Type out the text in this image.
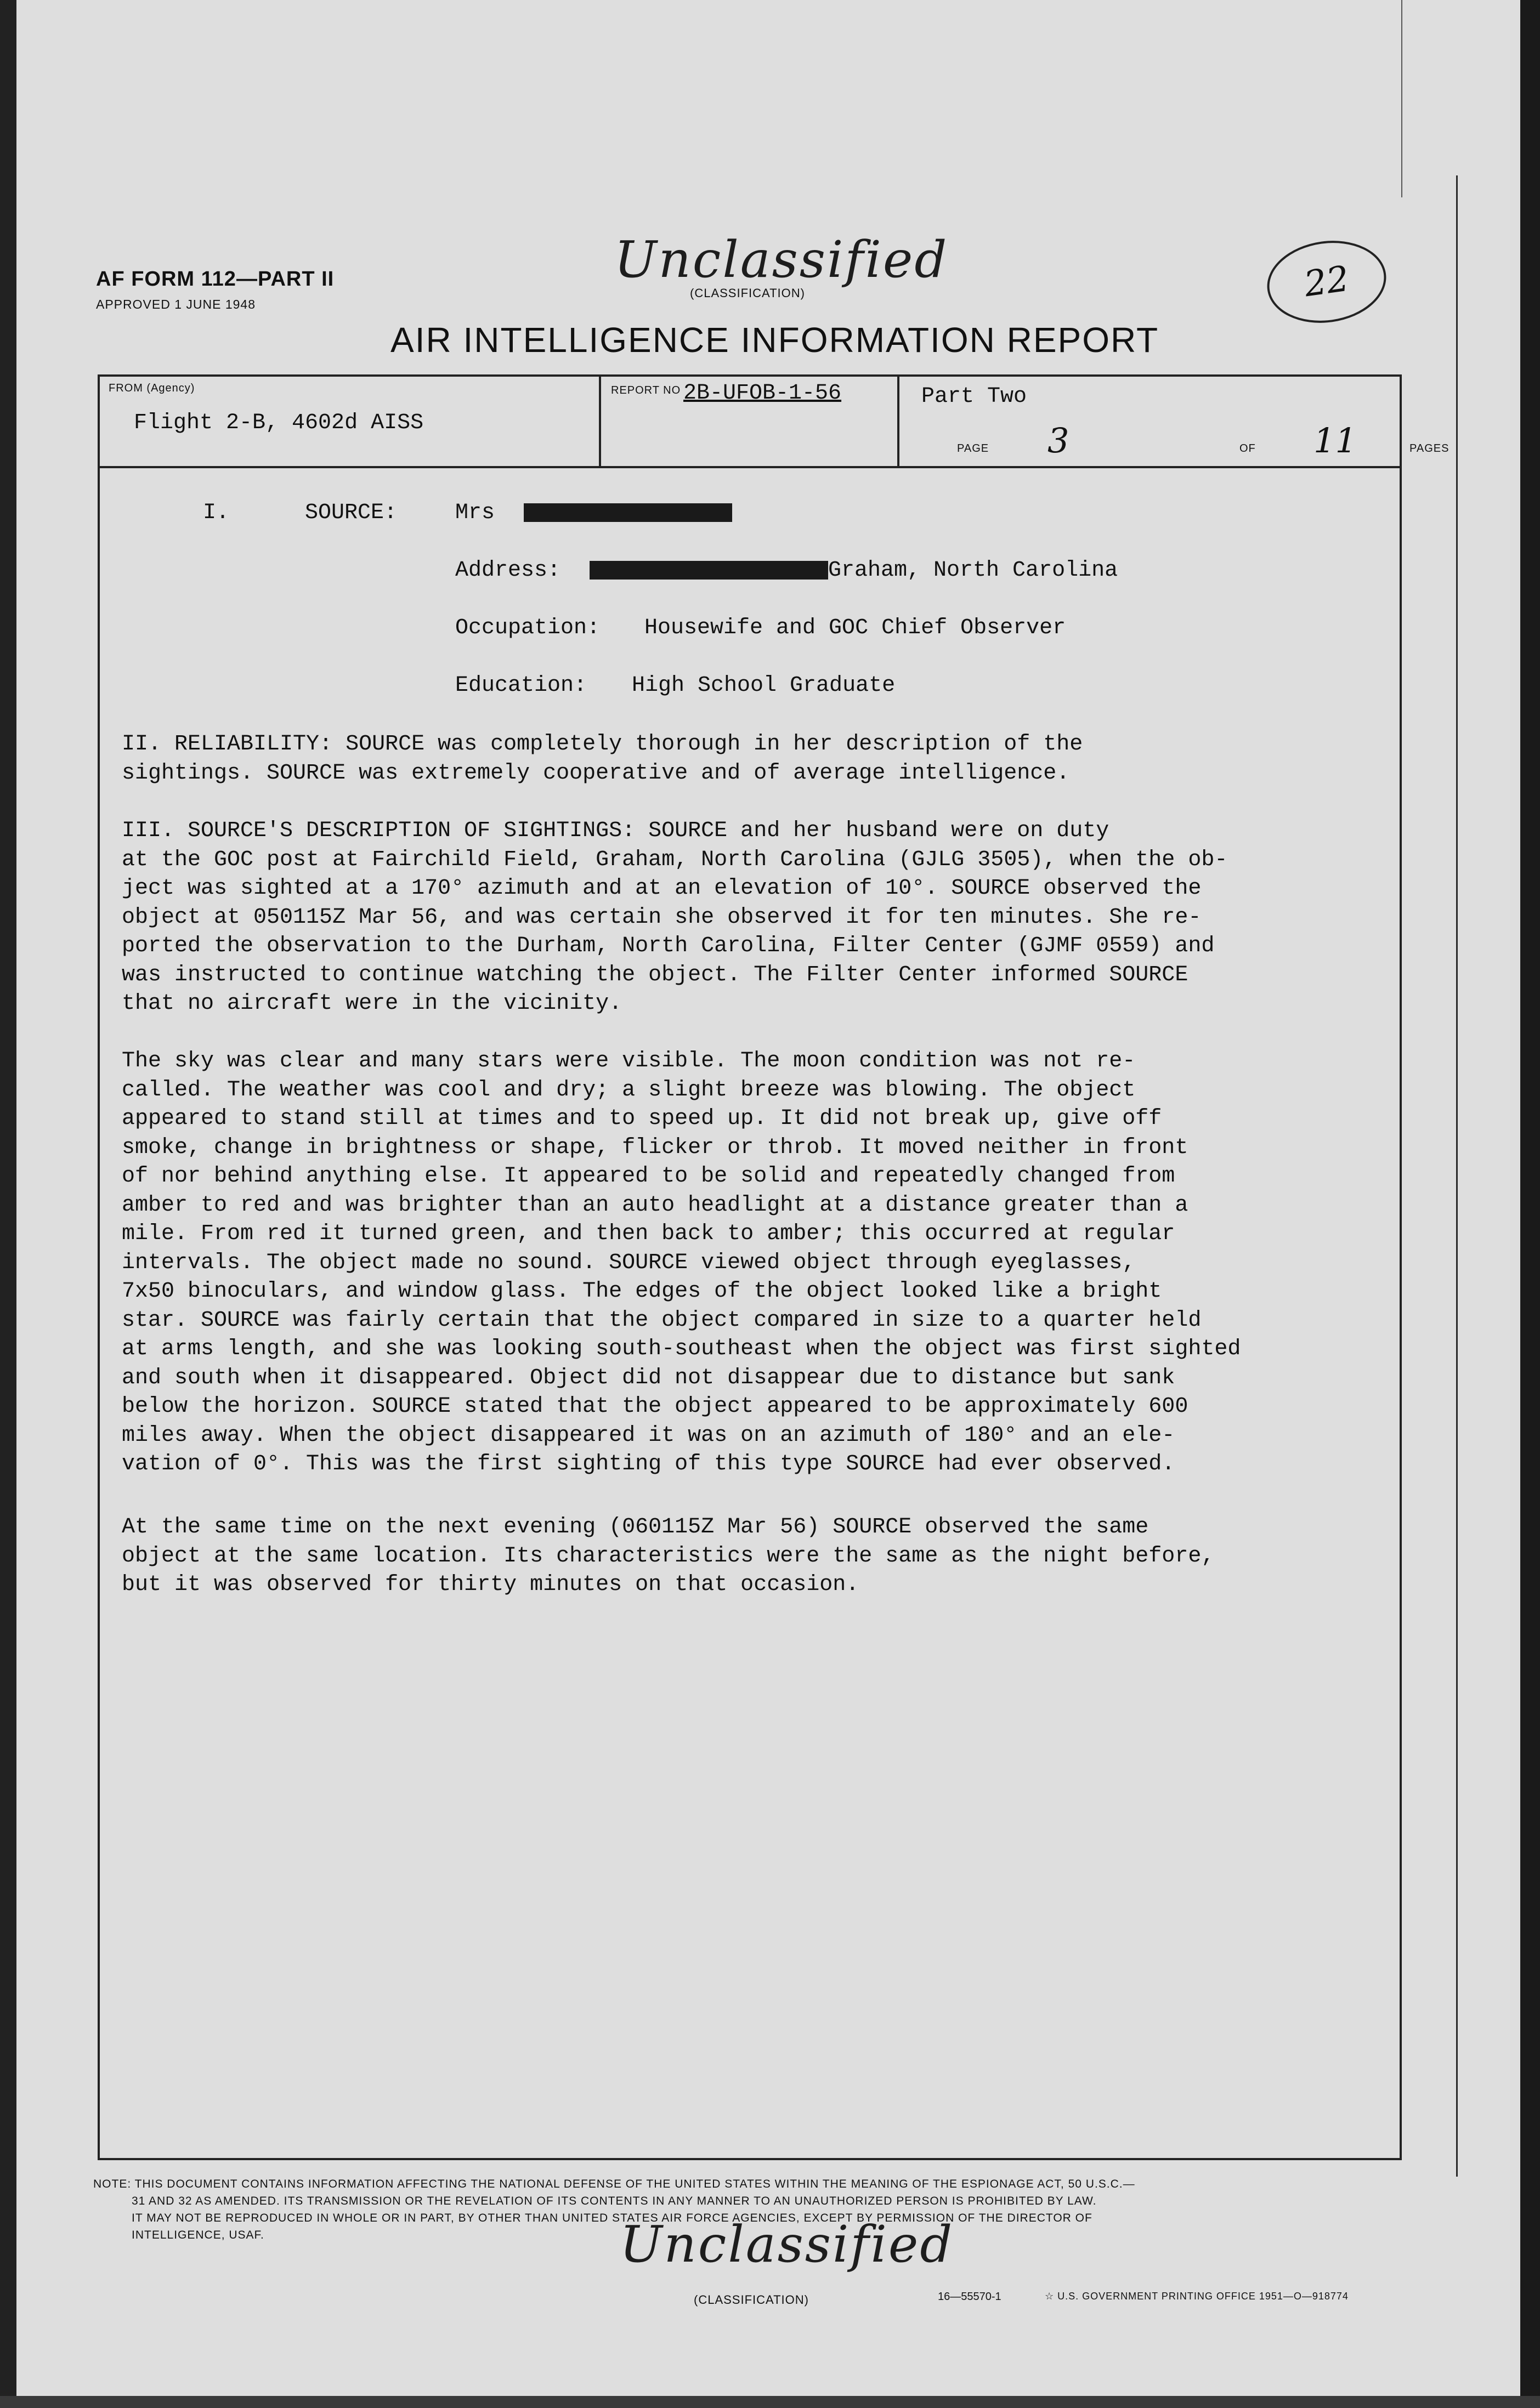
AF FORM 112—PART II
APPROVED 1 JUNE 1948
Unclassified
(CLASSIFICATION)	22
AIR INTELLIGENCE INFORMATION REPORT
FROM (Agency)
Flight 2-B, 4602d AISS
REPORT NO 2B-UFOB-1-56	Part Two
PAGE 3	OF 11	PAGES
I.	SOURCE:	Mrs
Address:	Graham, North Carolina
Occupation: Housewife and GOC Chief Observer
Education: High School Graduate
II. RELIABILITY: SOURCE was completely thorough in her description of the
sightings. SOURCE was extremely cooperative and of average intelligence.
III. SOURCE'S DESCRIPTION OF SIGHTINGS: SOURCE and her husband were on duty
at the GOC post at Fairchild Field, Graham, North Carolina (GJLG 3505), when the ob-
ject was sighted at a 170° azimuth and at an elevation of 10°. SOURCE observed the
object at 050115Z Mar 56, and was certain she observed it for ten minutes. She re-
ported the observation to the Durham, North Carolina, Filter Center (GJMF 0559) and
was instructed to continue watching the object. The Filter Center informed SOURCE
that no aircraft were in the vicinity.
The sky was clear and many stars were visible. The moon condition was not re-
called. The weather was cool and dry; a slight breeze was blowing. The object
appeared to stand still at times and to speed up. It did not break up, give off
smoke, change in brightness or shape, flicker or throb. It moved neither in front
of nor behind anything else. It appeared to be solid and repeatedly changed from
amber to red and was brighter than an auto headlight at a distance greater than a
mile. From red it turned green, and then back to amber; this occurred at regular
intervals. The object made no sound. SOURCE viewed object through eyeglasses,
7x50 binoculars, and window glass. The edges of the object looked like a bright
star. SOURCE was fairly certain that the object compared in size to a quarter held
at arms length, and she was looking south-southeast when the object was first sighted
and south when it disappeared. Object did not disappear due to distance but sank
below the horizon. SOURCE stated that the object appeared to be approximately 600
miles away. When the object disappeared it was on an azimuth of 180° and an ele-
vation of 0°. This was the first sighting of this type SOURCE had ever observed.
At the same time on the next evening (060115Z Mar 56) SOURCE observed the same
object at the same location. Its characteristics were the same as the night before,
but it was observed for thirty minutes on that occasion.
NOTE: THIS DOCUMENT CONTAINS INFORMATION AFFECTING THE NATIONAL DEFENSE OF THE UNITED STATES WITHIN THE MEANING OF THE ESPIONAGE ACT, 50 U.S.C.—
31 AND 32 AS AMENDED. ITS TRANSMISSION OR THE REVELATION OF ITS CONTENTS IN ANY MANNER TO AN UNAUTHORIZED PERSON IS PROHIBITED BY LAW.
IT MAY NOT BE REPRODUCED IN WHOLE OR IN PART, BY OTHER THAN UNITED STATES AIR FORCE AGENCIES, EXCEPT BY PERMISSION OF THE DIRECTOR OF
INTELLIGENCE, USAF.	Unclassified
(CLASSIFICATION)	16—55570-1	☆ U.S. GOVERNMENT PRINTING OFFICE 1951—O—918774
